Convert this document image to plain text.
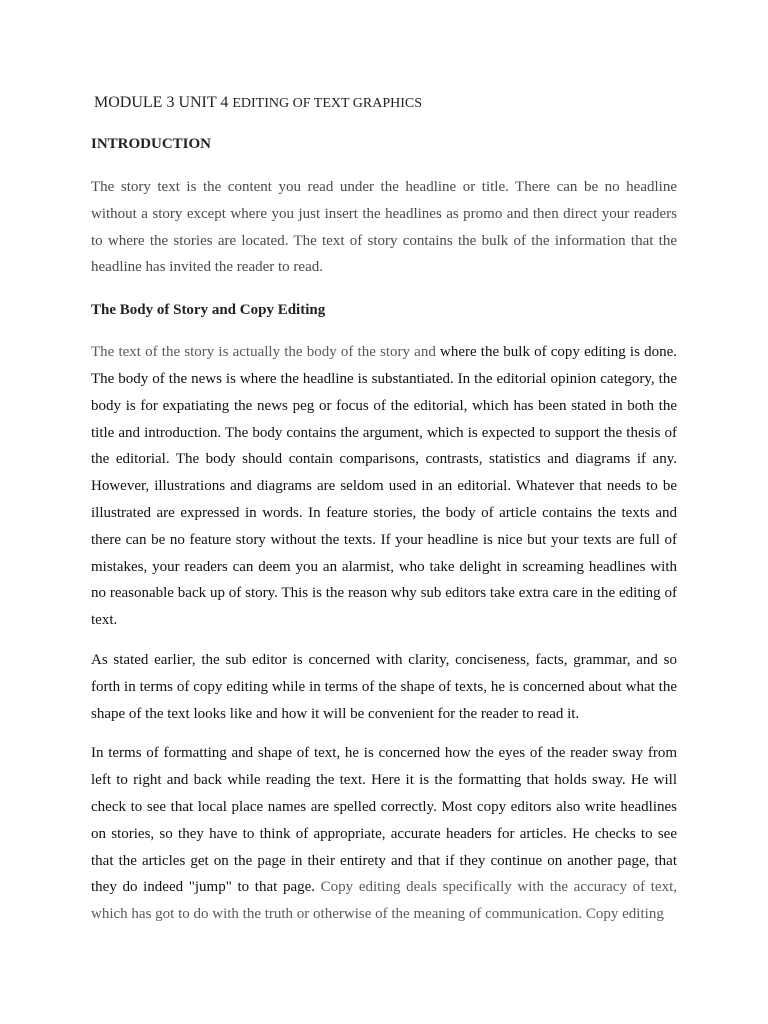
MODULE 3 UNIT 4 EDITING OF TEXT GRAPHICS
INTRODUCTION

The story text is the content you read under the headline or title. There can be no headline without a story except where you just insert the headlines as promo and then direct your readers to where the stories are located. The text of story contains the bulk of the information that the headline has invited the reader to read.

The Body of Story and Copy Editing

The text of the story is actually the body of the story and where the bulk of copy editing is done. The body of the news is where the headline is substantiated. In the editorial opinion category, the body is for expatiating the news peg or focus of the editorial, which has been stated in both the title and introduction. The body contains the argument, which is expected to support the thesis of the editorial. The body should contain comparisons, contrasts, statistics and diagrams if any. However, illustrations and diagrams are seldom used in an editorial. Whatever that needs to be illustrated are expressed in words. In feature stories, the body of article contains the texts and there can be no feature story without the texts. If your headline is nice but your texts are full of mistakes, your readers can deem you an alarmist, who take delight in screaming headlines with no reasonable back up of story. This is the reason why sub editors take extra care in the editing of text.

As stated earlier, the sub editor is concerned with clarity, conciseness, facts, grammar, and so forth in terms of copy editing while in terms of the shape of texts, he is concerned about what the shape of the text looks like and how it will be convenient for the reader to read it.

In terms of formatting and shape of text, he is concerned how the eyes of the reader sway from left to right and back while reading the text. Here it is the formatting that holds sway. He will check to see that local place names are spelled correctly. Most copy editors also write headlines on stories, so they have to think of appropriate, accurate headers for articles. He checks to see that the articles get on the page in their entirety and that if they continue on another page, that they do indeed "jump" to that page. Copy editing deals specifically with the accuracy of text, which has got to do with the truth or otherwise of the meaning of communication. Copy editing
